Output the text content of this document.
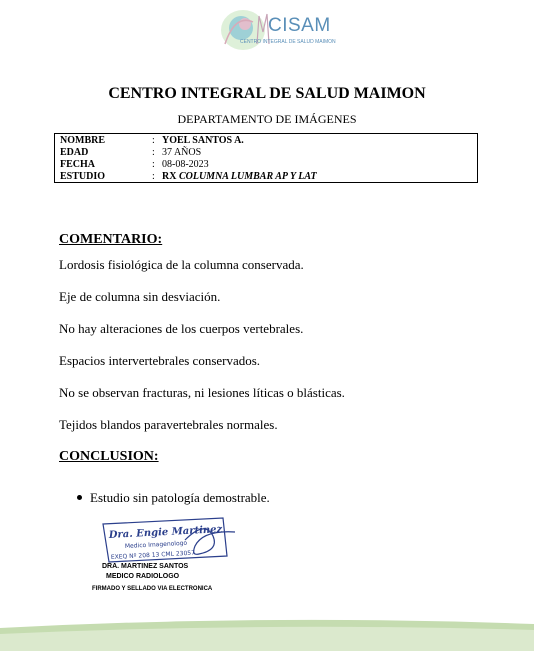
CISAM
CENTRO INTEGRAL DE SALUD MAIMON
CENTRO INTEGRAL DE SALUD MAIMON
DEPARTAMENTO DE IMÁGENES
NOMBRE	: YOEL SANTOS A.
EDAD	: 37 AÑOS
FECHA	: 08-08-2023
ESTUDIO	: RX COLUMNA LUMBAR AP Y LAT
COMENTARIO:
Lordosis fisiológica de la columna conservada.
Eje de columna sin desviación.
No hay alteraciones de los cuerpos vertebrales.
Espacios intervertebrales conservados.
No se observan fracturas, ni lesiones líticas o blásticas.
Tejidos blandos paravertebrales normales.
CONCLUSION:
Estudio sin patología demostrable.
Dra. Engie Martinez
Medico Imagenologo
EXEQ Nº 208 13 CML 23057
DRA. MARTINEZ SANTOS
MEDICO RADIOLOGO
FIRMADO Y SELLADO VIA ELECTRONICA
